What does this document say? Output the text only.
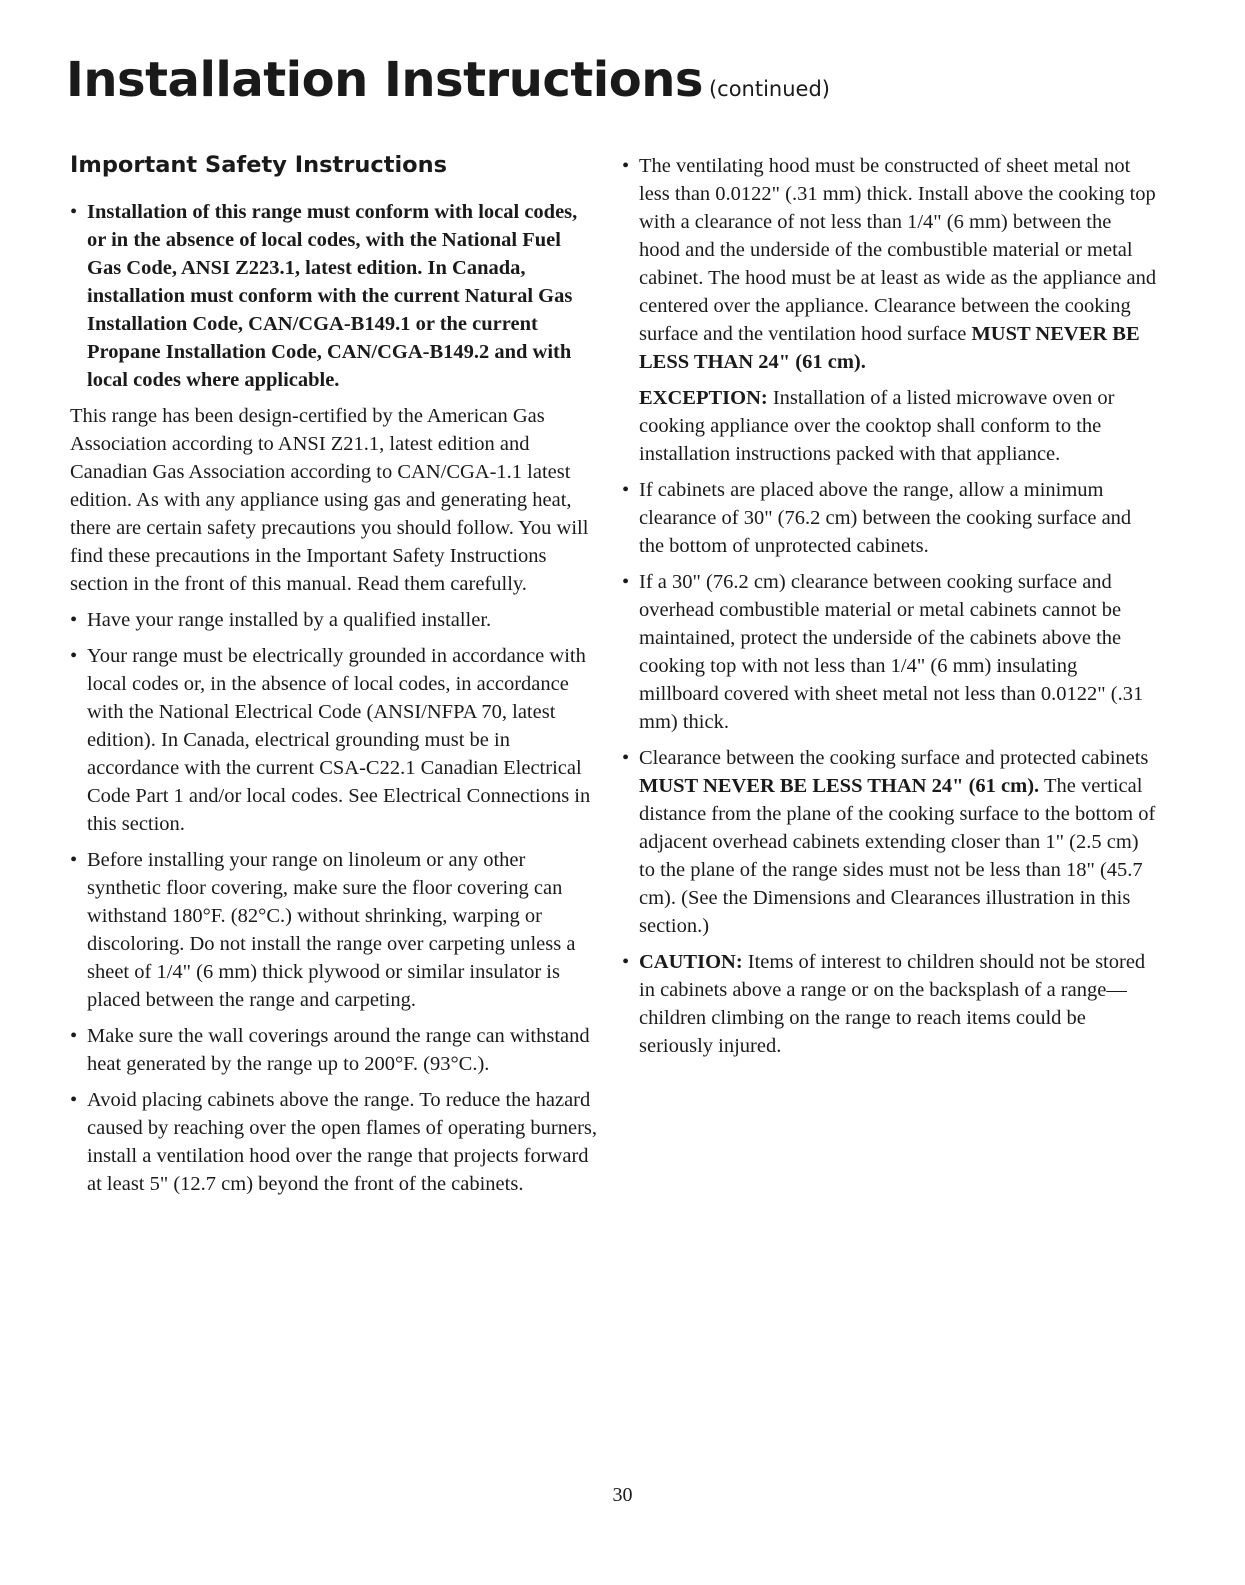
Installation Instructions (continued)
Important Safety Instructions
• Installation of this range must conform with local codes, or in the absence of local codes, with the National Fuel Gas Code, ANSI Z223.1, latest edition. In Canada, installation must conform with the current Natural Gas Installation Code, CAN/CGA-B149.1 or the current Propane Installation Code, CAN/CGA-B149.2 and with local codes where applicable.

This range has been design-certified by the American Gas Association according to ANSI Z21.1, latest edition and Canadian Gas Association according to CAN/CGA-1.1 latest edition. As with any appliance using gas and generating heat, there are certain safety precautions you should follow. You will find these precautions in the Important Safety Instructions section in the front of this manual. Read them carefully.

• Have your range installed by a qualified installer.
• Your range must be electrically grounded in accordance with local codes or, in the absence of local codes, in accordance with the National Electrical Code (ANSI/NFPA 70, latest edition). In Canada, electrical grounding must be in accordance with the current CSA-C22.1 Canadian Electrical Code Part 1 and/or local codes. See Electrical Connections in this section.
• Before installing your range on linoleum or any other synthetic floor covering, make sure the floor covering can withstand 180°F. (82°C.) without shrinking, warping or discoloring. Do not install the range over carpeting unless a sheet of 1/4" (6 mm) thick plywood or similar insulator is placed between the range and carpeting.
• Make sure the wall coverings around the range can withstand heat generated by the range up to 200°F. (93°C.).
• Avoid placing cabinets above the range. To reduce the hazard caused by reaching over the open flames of operating burners, install a ventilation hood over the range that projects forward at least 5" (12.7 cm) beyond the front of the cabinets.
• The ventilating hood must be constructed of sheet metal not less than 0.0122" (.31 mm) thick. Install above the cooking top with a clearance of not less than 1/4" (6 mm) between the hood and the underside of the combustible material or metal cabinet. The hood must be at least as wide as the appliance and centered over the appliance. Clearance between the cooking surface and the ventilation hood surface MUST NEVER BE LESS THAN 24" (61 cm).

EXCEPTION: Installation of a listed microwave oven or cooking appliance over the cooktop shall conform to the installation instructions packed with that appliance.

• If cabinets are placed above the range, allow a minimum clearance of 30" (76.2 cm) between the cooking surface and the bottom of unprotected cabinets.
• If a 30" (76.2 cm) clearance between cooking surface and overhead combustible material or metal cabinets cannot be maintained, protect the underside of the cabinets above the cooking top with not less than 1/4" (6 mm) insulating millboard covered with sheet metal not less than 0.0122" (.31 mm) thick.
• Clearance between the cooking surface and protected cabinets MUST NEVER BE LESS THAN 24" (61 cm). The vertical distance from the plane of the cooking surface to the bottom of adjacent overhead cabinets extending closer than 1" (2.5 cm) to the plane of the range sides must not be less than 18" (45.7 cm). (See the Dimensions and Clearances illustration in this section.)
• CAUTION: Items of interest to children should not be stored in cabinets above a range or on the backsplash of a range—children climbing on the range to reach items could be seriously injured.
30
